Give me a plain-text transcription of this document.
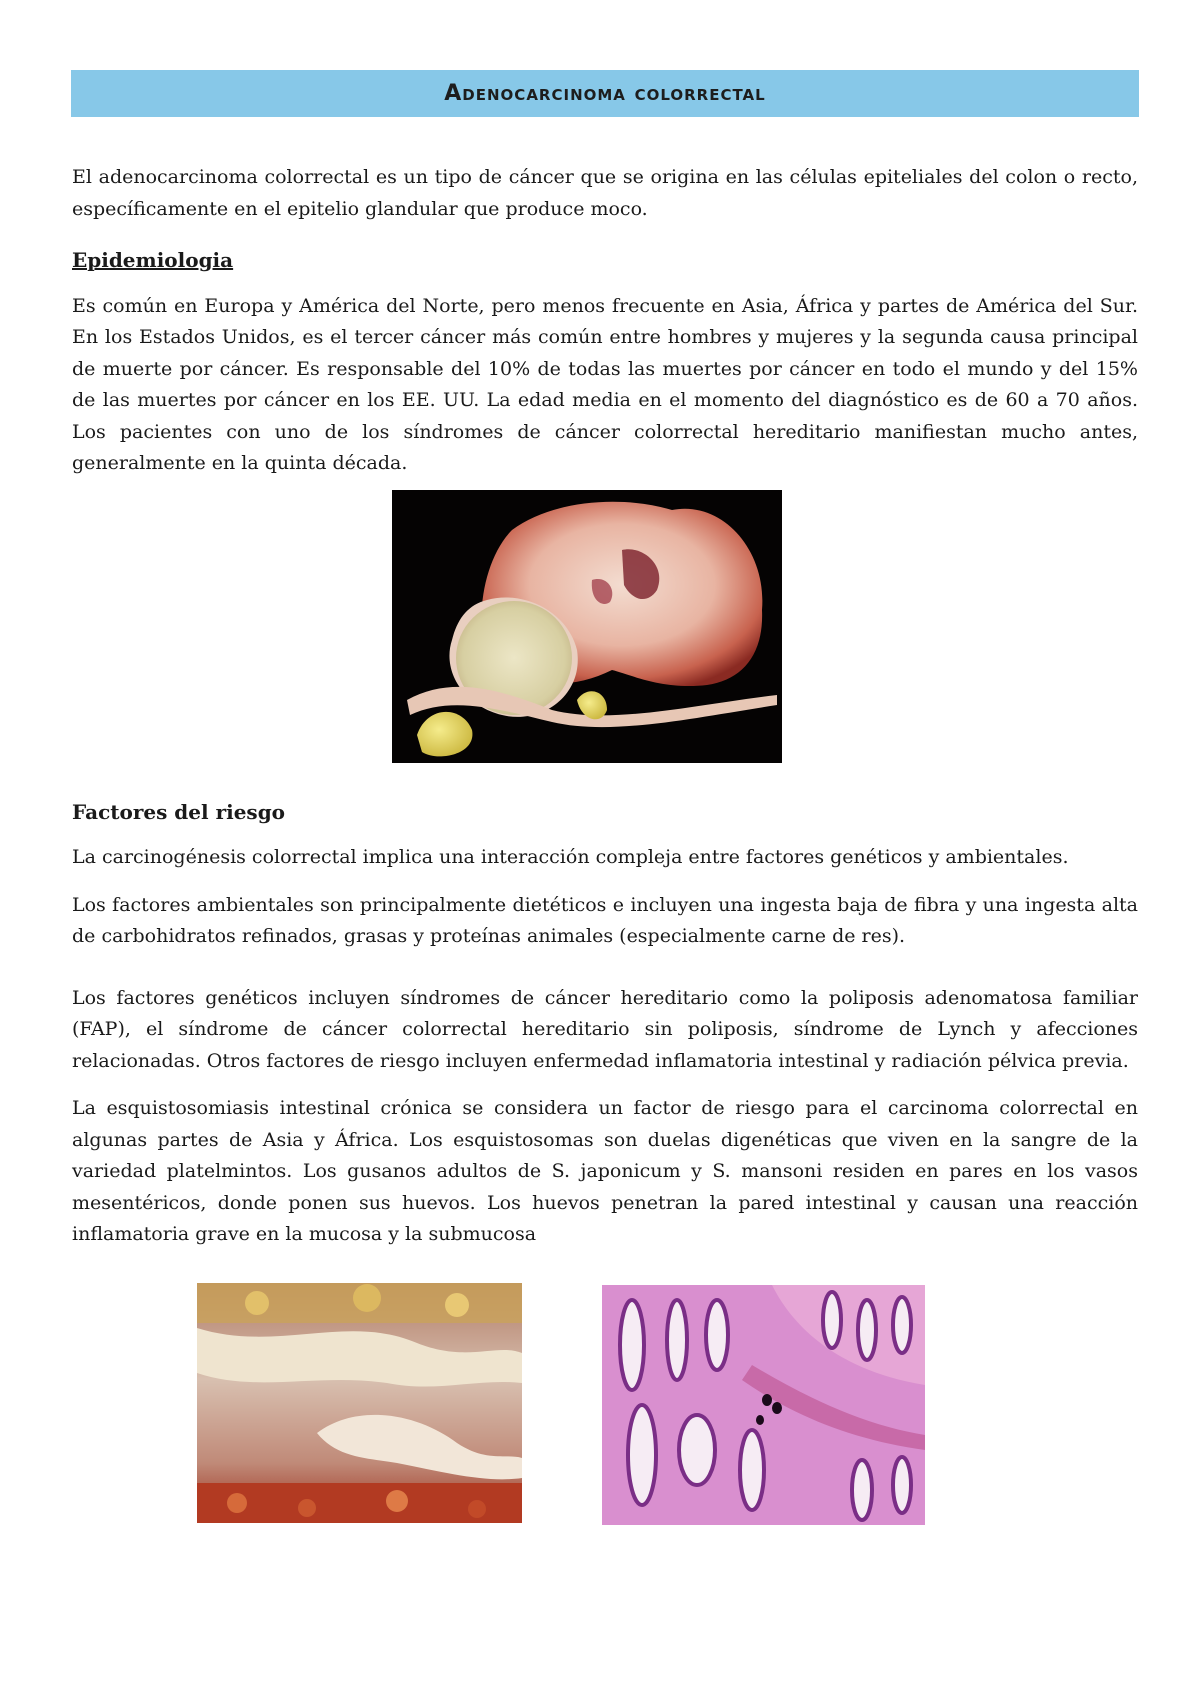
Adenocarcinoma colorrectal

El adenocarcinoma colorrectal es un tipo de cáncer que se origina en las células epiteliales del colon o recto, específicamente en el epitelio glandular que produce moco.

Epidemiologia

Es común en Europa y América del Norte, pero menos frecuente en Asia, África y partes de América del Sur. En los Estados Unidos, es el tercer cáncer más común entre hombres y mujeres y la segunda causa principal de muerte por cáncer. Es responsable del 10% de todas las muertes por cáncer en todo el mundo y del 15% de las muertes por cáncer en los EE. UU. La edad media en el momento del diagnóstico es de 60 a 70 años. Los pacientes con uno de los síndromes de cáncer colorrectal hereditario manifiestan mucho antes, generalmente en la quinta década.

Factores del riesgo

La carcinogénesis colorrectal implica una interacción compleja entre factores genéticos y ambientales.

Los factores ambientales son principalmente dietéticos e incluyen una ingesta baja de fibra y una ingesta alta de carbohidratos refinados, grasas y proteínas animales (especialmente carne de res).

Los factores genéticos incluyen síndromes de cáncer hereditario como la poliposis adenomatosa familiar (FAP), el síndrome de cáncer colorrectal hereditario sin poliposis, síndrome de Lynch y afecciones relacionadas. Otros factores de riesgo incluyen enfermedad inflamatoria intestinal y radiación pélvica previa.

La esquistosomiasis intestinal crónica se considera un factor de riesgo para el carcinoma colorrectal en algunas partes de Asia y África. Los esquistosomas son duelas digenéticas que viven en la sangre de la variedad platelmintos. Los gusanos adultos de S. japonicum y S. mansoni residen en pares en los vasos mesentéricos, donde ponen sus huevos. Los huevos penetran la pared intestinal y causan una reacción inflamatoria grave en la mucosa y la submucosa
